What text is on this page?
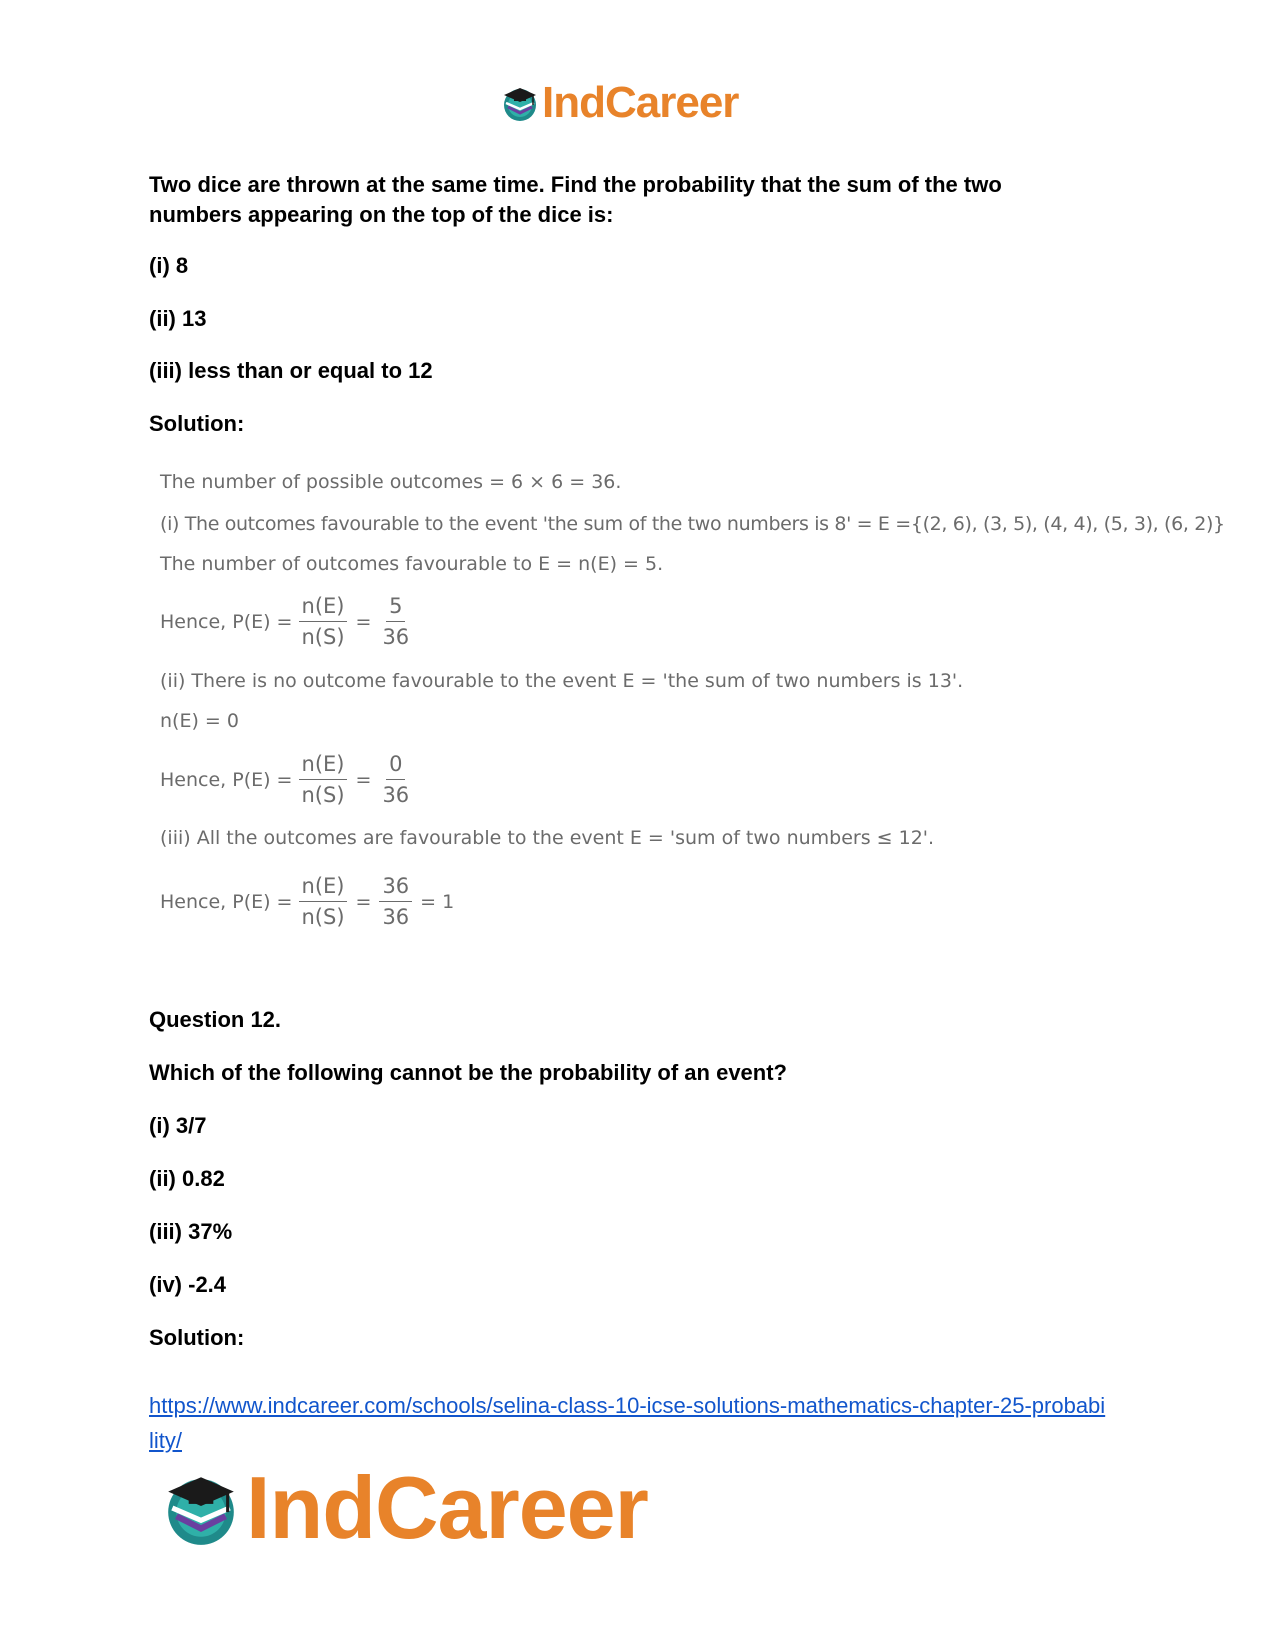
IndCareer

Two dice are thrown at the same time. Find the probability that the sum of the two numbers appearing on the top of the dice is:

(i) 8

(ii) 13

(iii) less than or equal to 12

Solution:

The number of possible outcomes = 6 × 6 = 36.
(i) The outcomes favourable to the event 'the sum of the two numbers is 8' = E ={(2, 6), (3, 5), (4, 4), (5, 3), (6, 2)}
The number of outcomes favourable to E = n(E) = 5.
Hence, $P(E) = \frac{n(E)}{n(S)} = \frac{5}{36}$
(ii) There is no outcome favourable to the event E = 'the sum of two numbers is 13'.
n(E) = 0
Hence, $P(E) = \frac{n(E)}{n(S)} = \frac{0}{36}$
(iii) All the outcomes are favourable to the event E = 'sum of two numbers ≤ 12'.
Hence, $P(E) = \frac{n(E)}{n(S)} = \frac{36}{36} = 1$

Question 12.

Which of the following cannot be the probability of an event?

(i) 3/7

(ii) 0.82

(iii) 37%

(iv) -2.4

Solution:

https://www.indcareer.com/schools/selina-class-10-icse-solutions-mathematics-chapter-25-probability/
IndCareer
